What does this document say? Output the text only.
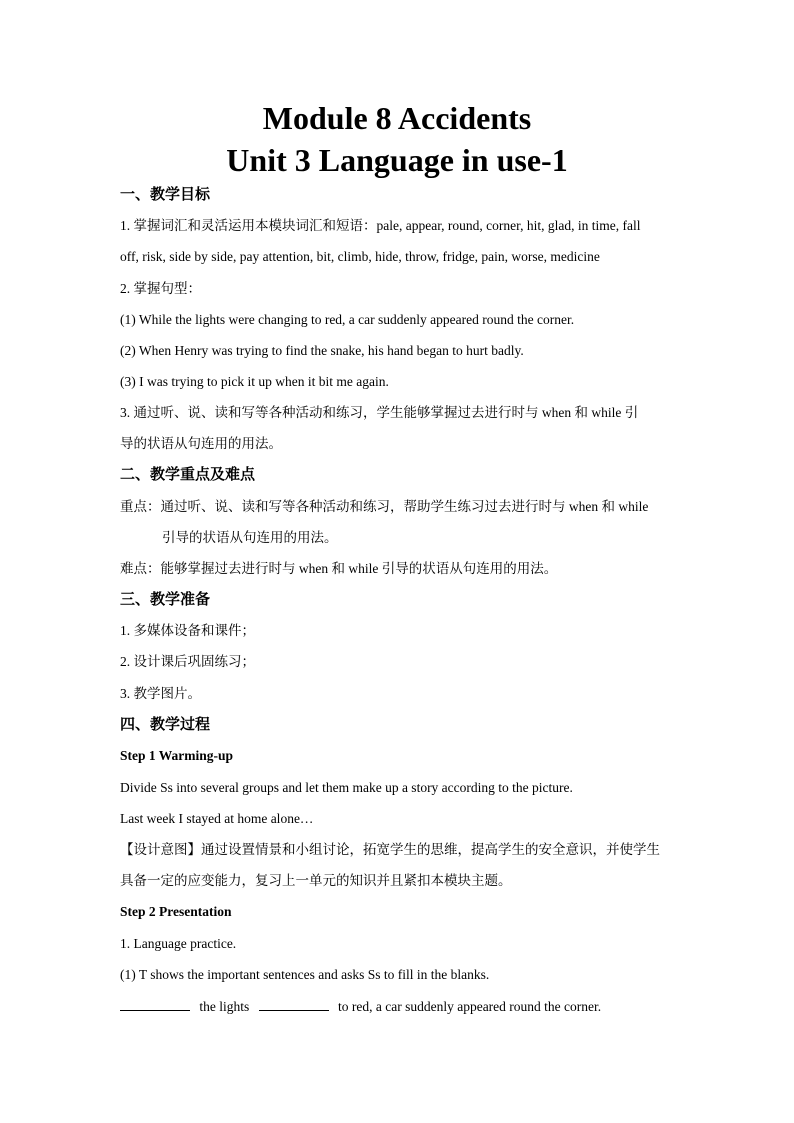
Module 8 Accidents
Unit 3 Language in use-1
一、教学目标
1. 掌握词汇和灵活运用本模块词汇和短语：pale, appear, round, corner, hit, glad, in time, fall
off, risk, side by side, pay attention, bit, climb, hide, throw, fridge, pain, worse, medicine
2. 掌握句型：
(1) While the lights were changing to red, a car suddenly appeared round the corner.
(2) When Henry was trying to find the snake, his hand began to hurt badly.
(3) I was trying to pick it up when it bit me again.
3. 通过听、说、读和写等各种活动和练习，学生能够掌握过去进行时与 when 和 while 引
导的状语从句连用的用法。
二、教学重点及难点
重点：通过听、说、读和写等各种活动和练习，帮助学生练习过去进行时与 when 和 while
引导的状语从句连用的用法。
难点：能够掌握过去进行时与 when 和 while 引导的状语从句连用的用法。
三、教学准备
1. 多媒体设备和课件；
2. 设计课后巩固练习；
3. 教学图片。
四、教学过程
Step 1 Warming-up
Divide Ss into several groups and let them make up a story according to the picture.
Last week I stayed at home alone…
【设计意图】通过设置情景和小组讨论，拓宽学生的思维，提高学生的安全意识，并使学生
具备一定的应变能力，复习上一单元的知识并且紧扣本模块主题。
Step 2 Presentation
1. Language practice.
(1) T shows the important sentences and asks Ss to fill in the blanks.
the lights	to red, a car suddenly appeared round the corner.
